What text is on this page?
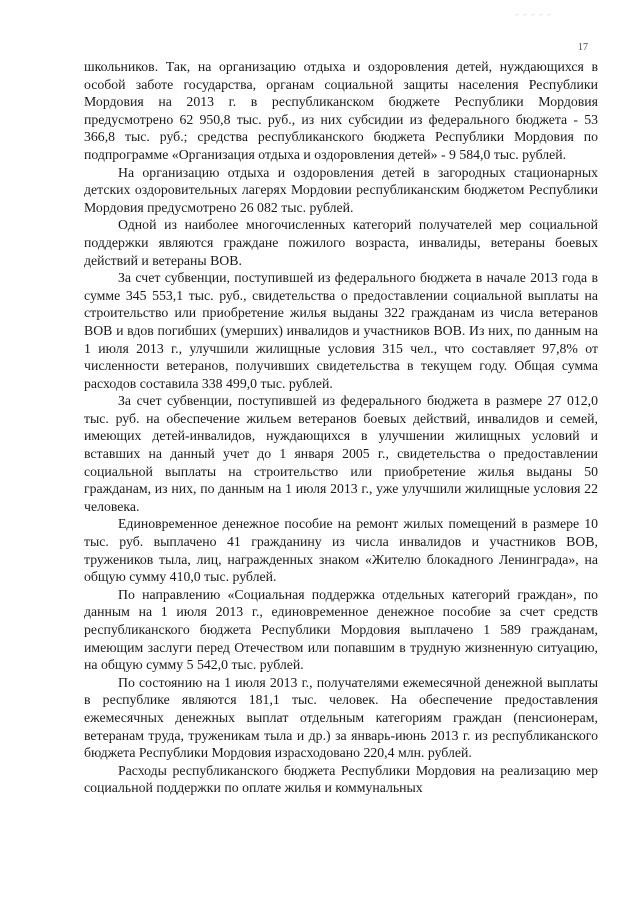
. . . . .
17

школьников. Так, на организацию отдыха и оздоровления детей, нуждающихся в особой заботе государства, органам социальной защиты населения Республики Мордовия на 2013 г. в республиканском бюджете Республики Мордовия предусмотрено 62 950,8 тыс. руб., из них субсидии из федерального бюджета - 53 366,8 тыс. руб.; средства республиканского бюджета Республики Мордовия по подпрограмме «Организация отдыха и оздоровления детей» - 9 584,0 тыс. рублей.

На организацию отдыха и оздоровления детей в загородных стационарных детских оздоровительных лагерях Мордовии республиканским бюджетом Республики Мордовия предусмотрено 26 082 тыс. рублей.

Одной из наиболее многочисленных категорий получателей мер социальной поддержки являются граждане пожилого возраста, инвалиды, ветераны боевых действий и ветераны ВОВ.

За счет субвенции, поступившей из федерального бюджета в начале 2013 года в сумме 345 553,1 тыс. руб., свидетельства о предоставлении социальной выплаты на строительство или приобретение жилья выданы 322 гражданам из числа ветеранов ВОВ и вдов погибших (умерших) инвалидов и участников ВОВ. Из них, по данным на 1 июля 2013 г., улучшили жилищные условия 315 чел., что составляет 97,8% от численности ветеранов, получивших свидетельства в текущем году. Общая сумма расходов составила 338 499,0 тыс. рублей.

За счет субвенции, поступившей из федерального бюджета в размере 27 012,0 тыс. руб. на обеспечение жильем ветеранов боевых действий, инвалидов и семей, имеющих детей-инвалидов, нуждающихся в улучшении жилищных условий и вставших на данный учет до 1 января 2005 г., свидетельства о предоставлении социальной выплаты на строительство или приобретение жилья выданы 50 гражданам, из них, по данным на 1 июля 2013 г., уже улучшили жилищные условия 22 человека.

Единовременное денежное пособие на ремонт жилых помещений в размере 10 тыс. руб. выплачено 41 гражданину из числа инвалидов и участников ВОВ, тружеников тыла, лиц, награжденных знаком «Жителю блокадного Ленинграда», на общую сумму 410,0 тыс. рублей.

По направлению «Социальная поддержка отдельных категорий граждан», по данным на 1 июля 2013 г., единовременное денежное пособие за счет средств республиканского бюджета Республики Мордовия выплачено 1 589 гражданам, имеющим заслуги перед Отечеством или попавшим в трудную жизненную ситуацию, на общую сумму 5 542,0 тыс. рублей.

По состоянию на 1 июля 2013 г., получателями ежемесячной денежной выплаты в республике являются 181,1 тыс. человек. На обеспечение предоставления ежемесячных денежных выплат отдельным категориям граждан (пенсионерам, ветеранам труда, труженикам тыла и др.) за январь-июнь 2013 г. из республиканского бюджета Республики Мордовия израсходовано 220,4 млн. рублей.

Расходы республиканского бюджета Республики Мордовия на реализацию мер социальной поддержки по оплате жилья и коммунальных
